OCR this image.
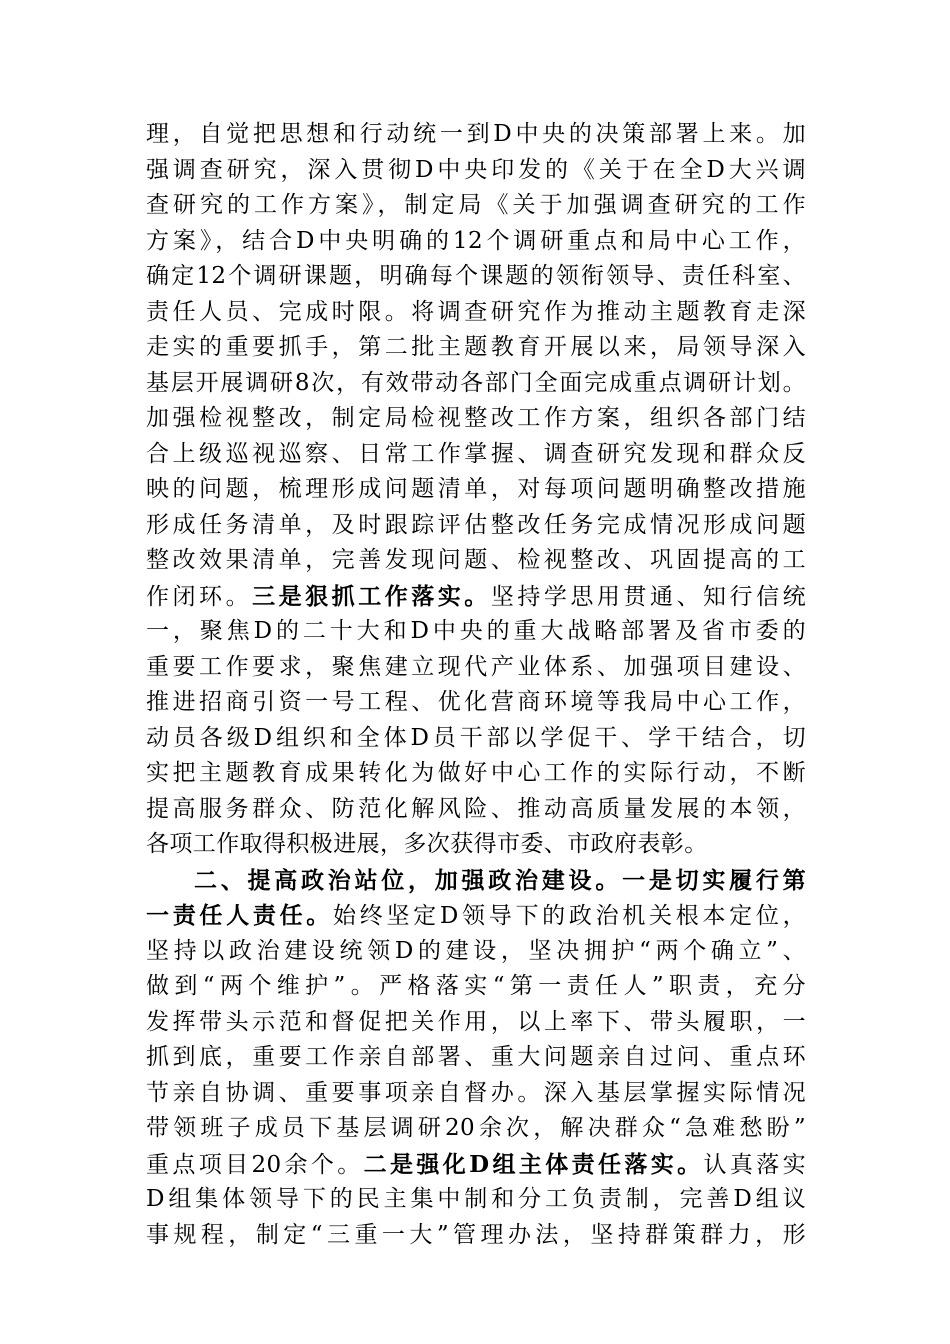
理，自觉把思想和行动统一到D中央的决策部署上来。加
强调查研究，深入贯彻D中央印发的《关于在全D大兴调
查研究的工作方案》，制定局《关于加强调查研究的工作
方案》，结合D中央明确的12个调研重点和局中心工作，
确定12个调研课题，明确每个课题的领衔领导、责任科室、
责任人员、完成时限。将调查研究作为推动主题教育走深
走实的重要抓手，第二批主题教育开展以来，局领导深入
基层开展调研8次，有效带动各部门全面完成重点调研计划。
加强检视整改，制定局检视整改工作方案，组织各部门结
合上级巡视巡察、日常工作掌握、调查研究发现和群众反
映的问题，梳理形成问题清单，对每项问题明确整改措施
形成任务清单，及时跟踪评估整改任务完成情况形成问题
整改效果清单，完善发现问题、检视整改、巩固提高的工
作闭环。三是狠抓工作落实。坚持学思用贯通、知行信统
一，聚焦D的二十大和D中央的重大战略部署及省市委的
重要工作要求，聚焦建立现代产业体系、加强项目建设、
推进招商引资一号工程、优化营商环境等我局中心工作，
动员各级D组织和全体D员干部以学促干、学干结合，切
实把主题教育成果转化为做好中心工作的实际行动，不断
提高服务群众、防范化解风险、推动高质量发展的本领，
各项工作取得积极进展，多次获得市委、市政府表彰。
二、提高政治站位，加强政治建设。一是切实履行第
一责任人责任。始终坚定D领导下的政治机关根本定位，
坚持以政治建设统领D的建设，坚决拥护“两个确立”、
做到“两个维护”。严格落实“第一责任人”职责，充分
发挥带头示范和督促把关作用，以上率下、带头履职，一
抓到底，重要工作亲自部署、重大问题亲自过问、重点环
节亲自协调、重要事项亲自督办。深入基层掌握实际情况
带领班子成员下基层调研20余次，解决群众“急难愁盼”
重点项目20余个。二是强化D组主体责任落实。认真落实
D组集体领导下的民主集中制和分工负责制，完善D组议
事规程，制定“三重一大”管理办法，坚持群策群力，形
